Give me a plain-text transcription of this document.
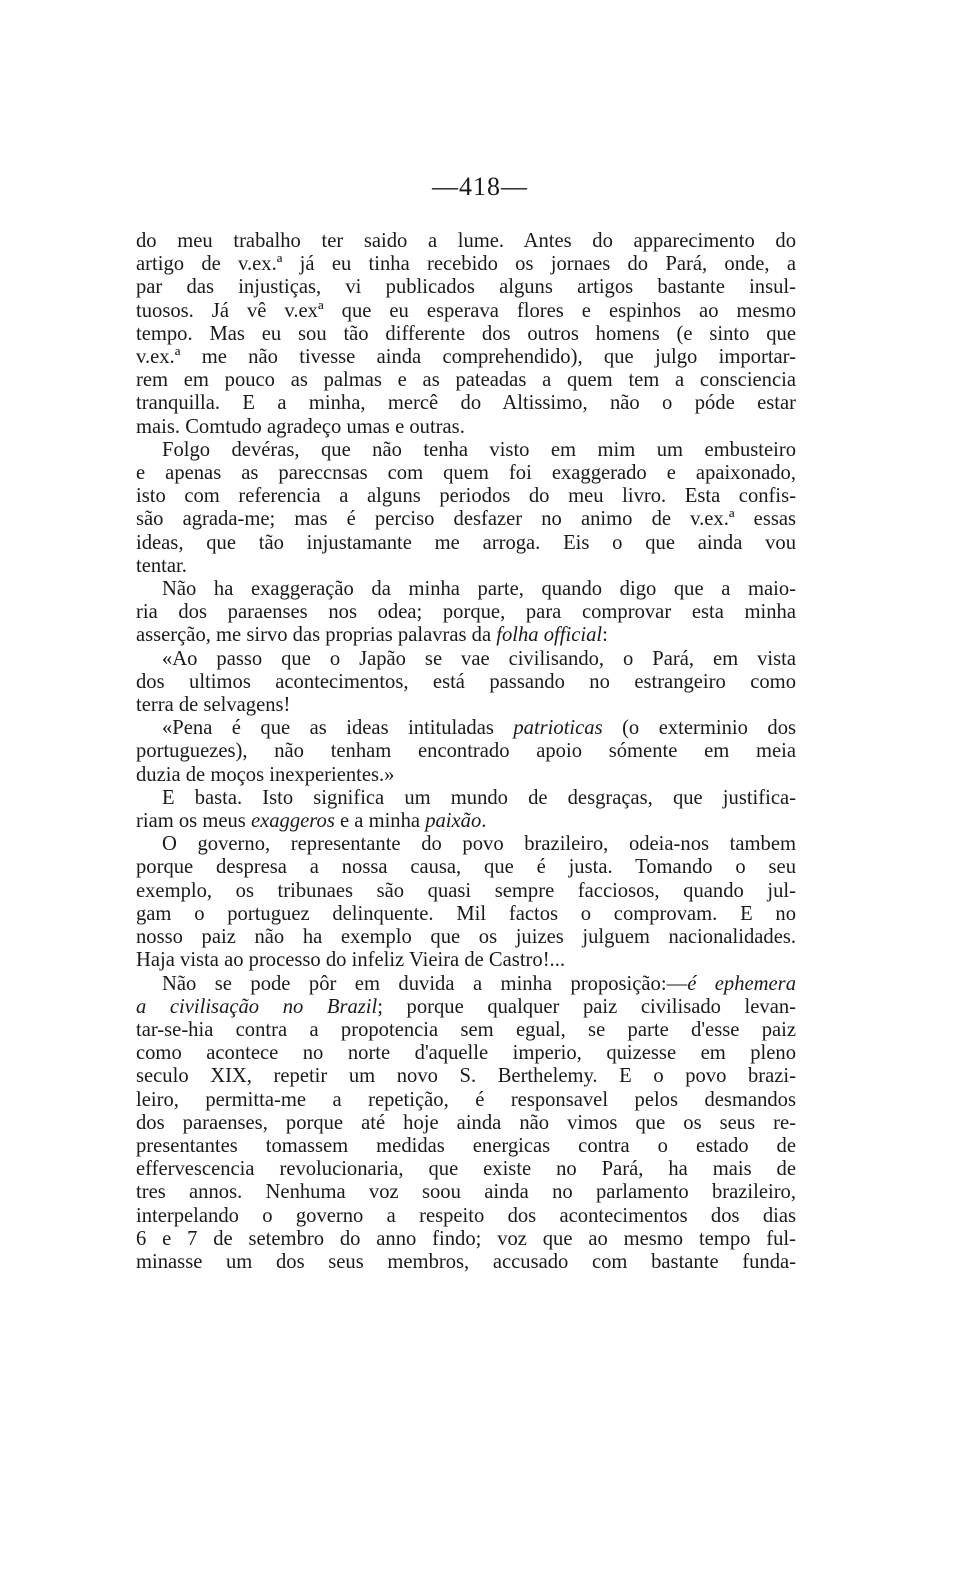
—418—
do meu trabalho ter saido a lume. Antes do apparecimento do
artigo de v.ex.ª já eu tinha recebido os jornaes do Pará, onde, a
par das injustiças, vi publicados alguns artigos bastante insul-
tuosos. Já vê v.exª que eu esperava flores e espinhos ao mesmo
tempo. Mas eu sou tão differente dos outros homens (e sinto que
v.ex.ª me não tivesse ainda comprehendido), que julgo importar-
rem em pouco as palmas e as pateadas a quem tem a consciencia
tranquilla. E a minha, mercê do Altissimo, não o póde estar
mais. Comtudo agradeço umas e outras.
Folgo devéras, que não tenha visto em mim um embusteiro
e apenas as pareccnsas com quem foi exaggerado e apaixonado,
isto com referencia a alguns periodos do meu livro. Esta confis-
são agrada-me; mas é perciso desfazer no animo de v.ex.ª essas
ideas, que tão injustamante me arroga. Eis o que ainda vou
tentar.
Não ha exaggeração da minha parte, quando digo que a maio-
ria dos paraenses nos odea; porque, para comprovar esta minha
asserção, me sirvo das proprias palavras da folha official:
«Ao passo que o Japão se vae civilisando, o Pará, em vista
dos ultimos acontecimentos, está passando no estrangeiro como
terra de selvagens!
«Pena é que as ideas intituladas patrioticas (o exterminio dos
portuguezes), não tenham encontrado apoio sómente em meia
duzia de moços inexperientes.»
E basta. Isto significa um mundo de desgraças, que justifica-
riam os meus exaggeros e a minha paixão.
O governo, representante do povo brazileiro, odeia-nos tambem
porque despresa a nossa causa, que é justa. Tomando o seu
exemplo, os tribunaes são quasi sempre facciosos, quando jul-
gam o portuguez delinquente. Mil factos o comprovam. E no
nosso paiz não ha exemplo que os juizes julguem nacionalidades.
Haja vista ao processo do infeliz Vieira de Castro!...
Não se pode pôr em duvida a minha proposição:—é ephemera
a civilisação no Brazil; porque qualquer paiz civilisado levan-
tar-se-hia contra a propotencia sem egual, se parte d'esse paiz
como acontece no norte d'aquelle imperio, quizesse em pleno
seculo XIX, repetir um novo S. Berthelemy. E o povo brazi-
leiro, permitta-me a repetição, é responsavel pelos desmandos
dos paraenses, porque até hoje ainda não vimos que os seus re-
presentantes tomassem medidas energicas contra o estado de
effervescencia revolucionaria, que existe no Pará, ha mais de
tres annos. Nenhuma voz soou ainda no parlamento brazileiro,
interpelando o governo a respeito dos acontecimentos dos dias
6 e 7 de setembro do anno findo; voz que ao mesmo tempo ful-
minasse um dos seus membros, accusado com bastante funda-
